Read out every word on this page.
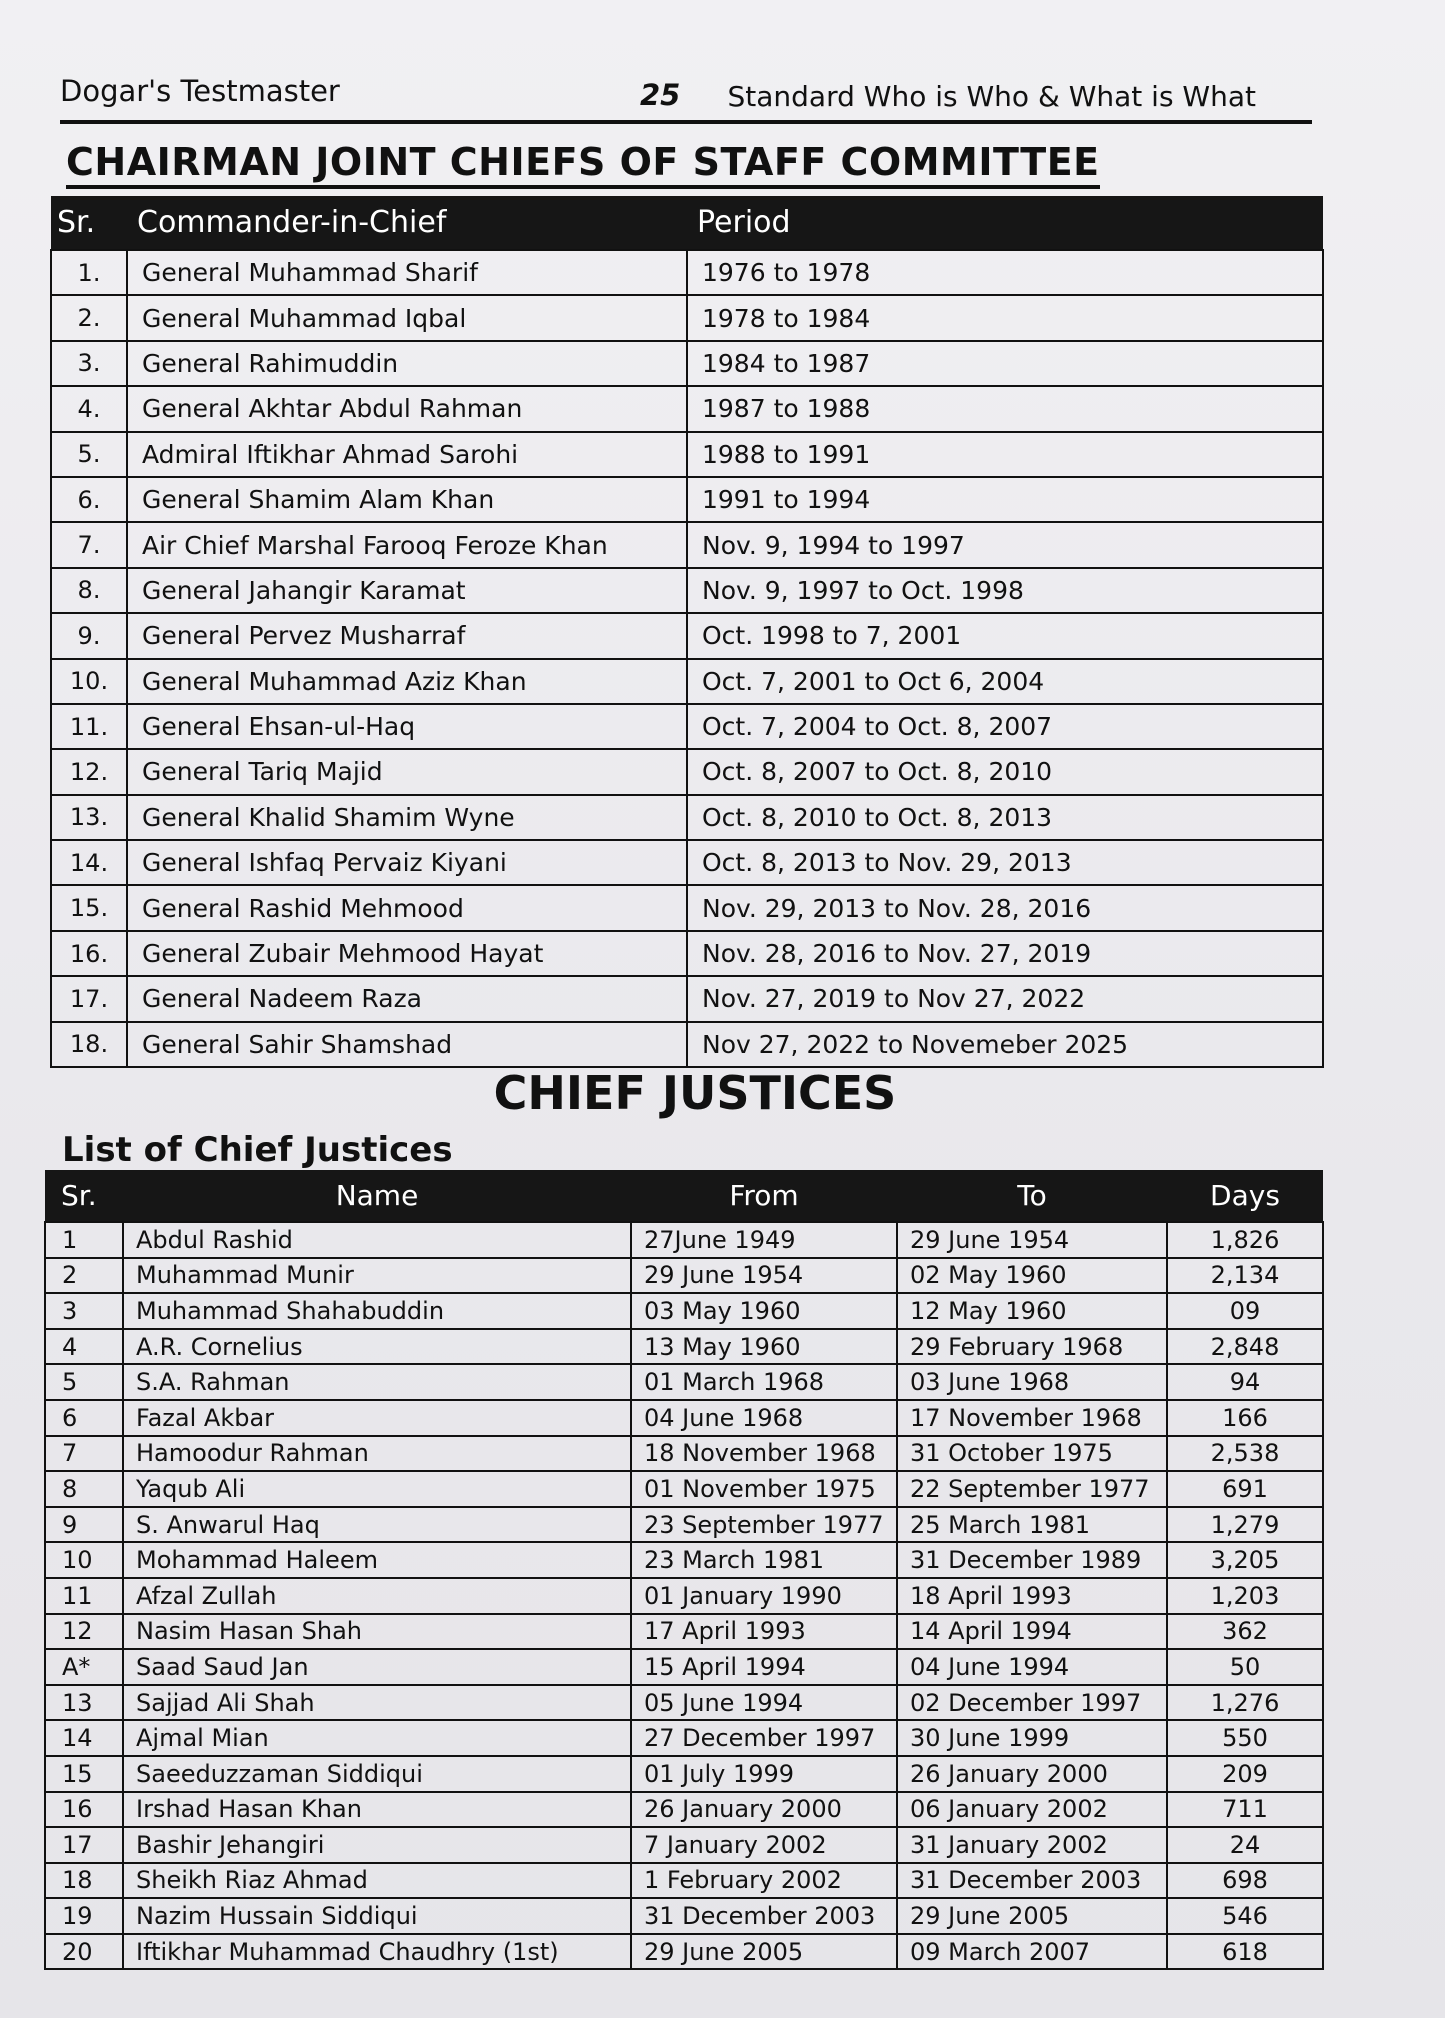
Dogar's Testmaster	25 Standard Who is Who & What is What
CHAIRMAN JOINT CHIEFS OF STAFF COMMITTEE
Sr.	Commander-in-Chief	Period
1.	General Muhammad Sharif	1976 to 1978
2.	General Muhammad Iqbal	1978 to 1984
3.	General Rahimuddin	1984 to 1987
4.	General Akhtar Abdul Rahman	1987 to 1988
5.	Admiral Iftikhar Ahmad Sarohi	1988 to 1991
6.	General Shamim Alam Khan	1991 to 1994
7.	Air Chief Marshal Farooq Feroze Khan	Nov. 9, 1994 to 1997
8.	General Jahangir Karamat	Nov. 9, 1997 to Oct. 1998
9.	General Pervez Musharraf	Oct. 1998 to 7, 2001
10.	General Muhammad Aziz Khan	Oct. 7, 2001 to Oct 6, 2004
11.	General Ehsan-ul-Haq	Oct. 7, 2004 to Oct. 8, 2007
12.	General Tariq Majid	Oct. 8, 2007 to Oct. 8, 2010
13.	General Khalid Shamim Wyne	Oct. 8, 2010 to Oct. 8, 2013
14.	General Ishfaq Pervaiz Kiyani	Oct. 8, 2013 to Nov. 29, 2013
15.	General Rashid Mehmood	Nov. 29, 2013 to Nov. 28, 2016
16.	General Zubair Mehmood Hayat	Nov. 28, 2016 to Nov. 27, 2019
17.	General Nadeem Raza	Nov. 27, 2019 to Nov 27, 2022
18.	General Sahir Shamshad	Nov 27, 2022 to Novemeber 2025
CHIEF JUSTICES
List of Chief Justices
Sr.	Name	From	To	Days
1	Abdul Rashid	27June 1949	29 June 1954	1,826
2	Muhammad Munir	29 June 1954	02 May 1960	2,134
3	Muhammad Shahabuddin	03 May 1960	12 May 1960	09
4	A.R. Cornelius	13 May 1960	29 February 1968	2,848
5	S.A. Rahman	01 March 1968	03 June 1968	94
6	Fazal Akbar	04 June 1968	17 November 1968	166
7	Hamoodur Rahman	18 November 1968	31 October 1975	2,538
8	Yaqub Ali	01 November 1975	22 September 1977	691
9	S. Anwarul Haq	23 September 1977	25 March 1981	1,279
10	Mohammad Haleem	23 March 1981	31 December 1989	3,205
11	Afzal Zullah	01 January 1990	18 April 1993	1,203
12	Nasim Hasan Shah	17 April 1993	14 April 1994	362
A*	Saad Saud Jan	15 April 1994	04 June 1994	50
13	Sajjad Ali Shah	05 June 1994	02 December 1997	1,276
14	Ajmal Mian	27 December 1997	30 June 1999	550
15	Saeeduzzaman Siddiqui	01 July 1999	26 January 2000	209
16	Irshad Hasan Khan	26 January 2000	06 January 2002	711
17	Bashir Jehangiri	7 January 2002	31 January 2002	24
18	Sheikh Riaz Ahmad	1 February 2002	31 December 2003	698
19	Nazim Hussain Siddiqui	31 December 2003	29 June 2005	546
20	Iftikhar Muhammad Chaudhry (1st)	29 June 2005	09 March 2007	618
